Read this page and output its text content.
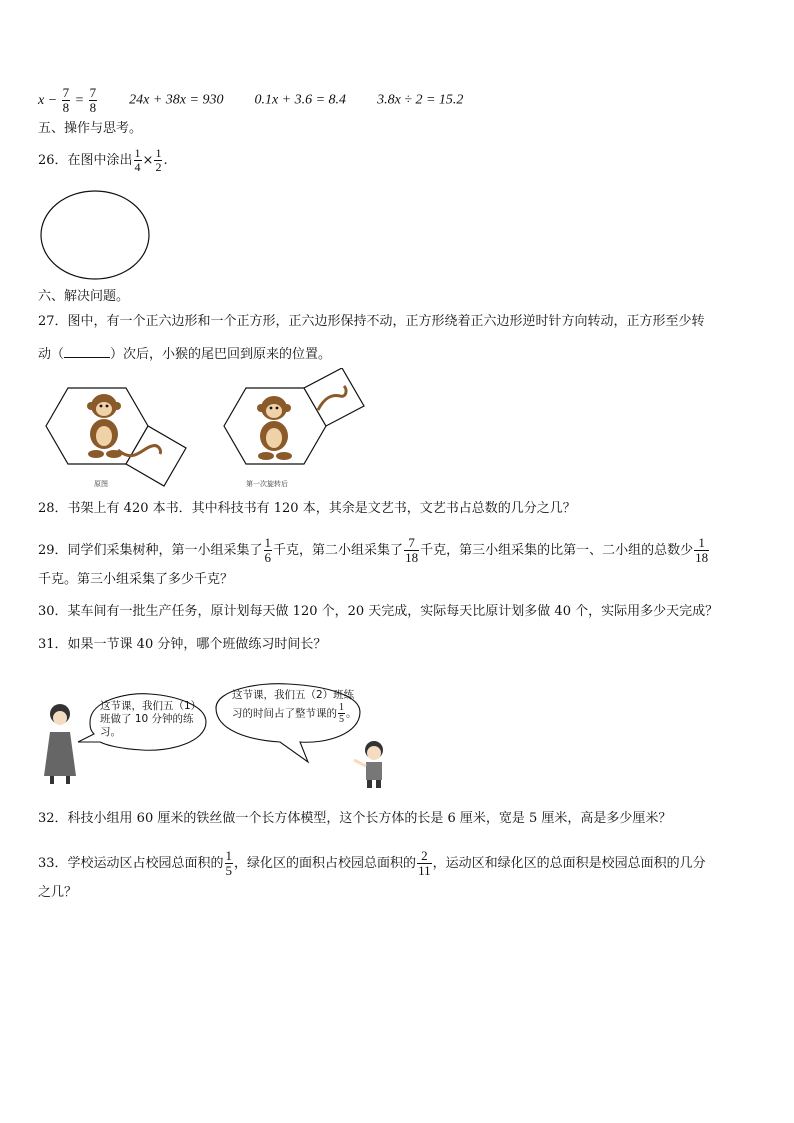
$x - \frac{7}{8} = \frac{7}{8} 24x + 38x = 930$ 0.1x + 3.6 = 8.4 3.8x ÷ 2 = 15.2
五、操作与思考。
26．在图中涂出 $\frac{1}{4} \times \frac{1}{2}$ .
六、解决问题。
27．图中，有一个正六边形和一个正方形，正六边形保持不动，正方形绕着正六边形逆时针方向转动，正方形至少转
动（	）次后，小猴的尾巴回到原来的位置。
原图	第一次旋转后
28．书架上有 420 本书．其中科技书有 120 本，其余是文艺书，文艺书占总数的几分之几？
29．同学们采集树种，第一小组采集了 $\frac{1}{6}$ 千克，第二小组采集了 $\frac{7}{18}$ 千克，第三小组采集的比第一、二小组的总数少 $\frac{1}{18}$
千克。第三小组采集了多少千克？
30．某车间有一批生产任务，原计划每天做 120 个，20 天完成，实际每天比原计划多做 40 个，实际用多少天完成？
31．如果一节课 40 分钟，哪个班做练习时间长？
这节课，我们五（1）班做了 10 分钟的练习。
这节课，我们五（2）班练习的时间占了整节课的 $\frac{1}{5}$ 。
32．科技小组用 60 厘米的铁丝做一个长方体模型，这个长方体的长是 6 厘米，宽是 5 厘米，高是多少厘米？
33．学校运动区占校园总面积的 $\frac{1}{5}$ ，绿化区的面积占校园总面积的 $\frac{2}{11}$ ，运动区和绿化区的总面积是校园总面积的几分
之几？
